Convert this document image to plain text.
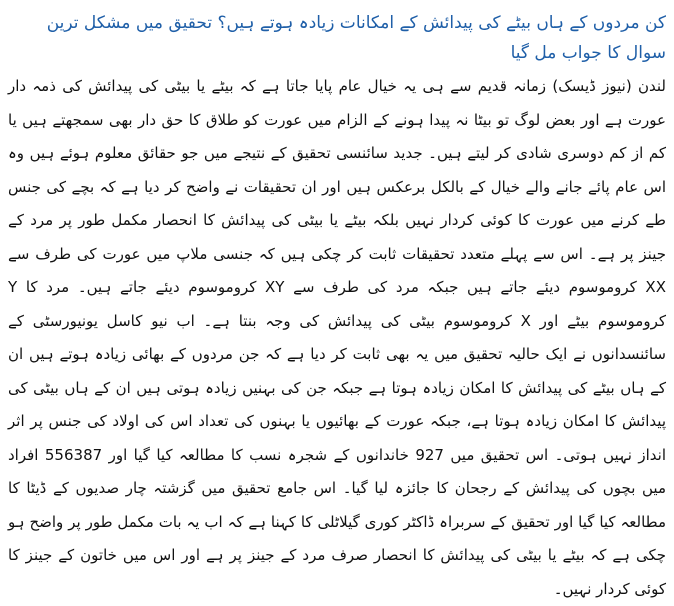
کن مردوں کے ہاں بیٹے کی پیدائش کے امکانات زیادہ ہوتے ہیں؟ تحقیق میں مشکل ترین سوال کا جواب مل گیا

لندن (نیوز ڈیسک) زمانہ قدیم سے ہی یہ خیال عام پایا جاتا ہے کہ بیٹے یا بیٹی کی پیدائش کی ذمہ دار عورت ہے اور بعض لوگ تو بیٹا نہ پیدا ہونے کے الزام میں عورت کو طلاق کا حق دار بھی سمجھتے ہیں یا کم از کم دوسری شادی کر لیتے ہیں۔ جدید سائنسی تحقیق کے نتیجے میں جو حقائق معلوم ہوئے ہیں وہ اس عام پائے جانے والے خیال کے بالکل برعکس ہیں اور ان تحقیقات نے واضح کر دیا ہے کہ بچے کی جنس طے کرنے میں عورت کا کوئی کردار نہیں بلکہ بیٹے یا بیٹی کی پیدائش کا انحصار مکمل طور پر مرد کے جینز پر ہے۔ اس سے پہلے متعدد تحقیقات ثابت کر چکی ہیں کہ جنسی ملاپ میں عورت کی طرف سے XX کروموسوم دیئے جاتے ہیں جبکہ مرد کی طرف سے XY کروموسوم دیئے جاتے ہیں۔ مرد کا Y کروموسوم بیٹے اور X کروموسوم بیٹی کی پیدائش کی وجہ بنتا ہے۔ اب نیو کاسل یونیورسٹی کے سائنسدانوں نے ایک حالیہ تحقیق میں یہ بھی ثابت کر دیا ہے کہ جن مردوں کے بھائی زیادہ ہوتے ہیں ان کے ہاں بیٹے کی پیدائش کا امکان زیادہ ہوتا ہے جبکہ جن کی بہنیں زیادہ ہوتی ہیں ان کے ہاں بیٹی کی پیدائش کا امکان زیادہ ہوتا ہے، جبکہ عورت کے بھائیوں یا بہنوں کی تعداد اس کی اولاد کی جنس پر اثر انداز نہیں ہوتی۔ اس تحقیق میں 927 خاندانوں کے شجرہ نسب کا مطالعہ کیا گیا اور 556387 افراد میں بچوں کی پیدائش کے رجحان کا جائزہ لیا گیا۔ اس جامع تحقیق میں گزشتہ چار صدیوں کے ڈیٹا کا مطالعہ کیا گیا اور تحقیق کے سربراہ ڈاکٹر کوری گیلاٹلی کا کہنا ہے کہ اب یہ بات مکمل طور پر واضح ہو چکی ہے کہ بیٹے یا بیٹی کی پیدائش کا انحصار صرف مرد کے جینز پر ہے اور اس میں خاتون کے جینز کا کوئی کردار نہیں۔
